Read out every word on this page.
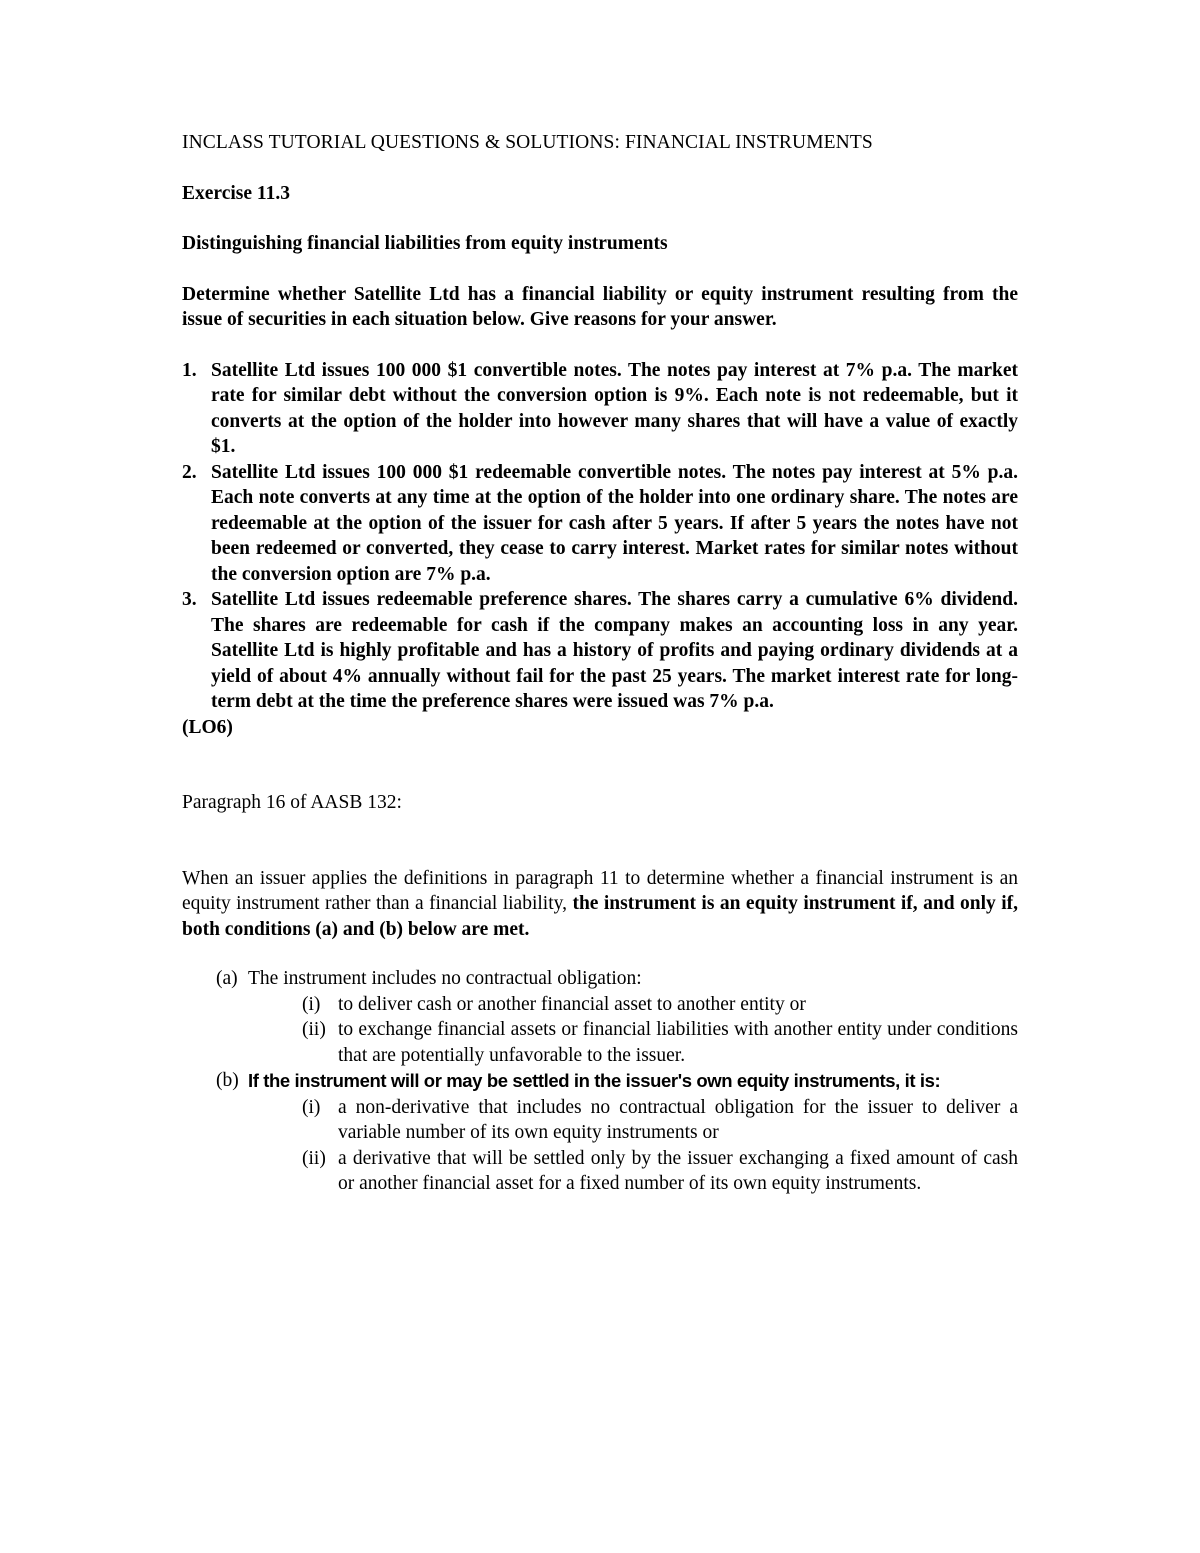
INCLASS TUTORIAL QUESTIONS & SOLUTIONS: FINANCIAL INSTRUMENTS

Exercise 11.3

Distinguishing financial liabilities from equity instruments

Determine whether Satellite Ltd has a financial liability or equity instrument resulting from the issue of securities in each situation below. Give reasons for your answer.

1. Satellite Ltd issues 100 000 $1 convertible notes. The notes pay interest at 7% p.a. The market rate for similar debt without the conversion option is 9%. Each note is not redeemable, but it converts at the option of the holder into however many shares that will have a value of exactly $1.
2. Satellite Ltd issues 100 000 $1 redeemable convertible notes. The notes pay interest at 5% p.a. Each note converts at any time at the option of the holder into one ordinary share. The notes are redeemable at the option of the issuer for cash after 5 years. If after 5 years the notes have not been redeemed or converted, they cease to carry interest. Market rates for similar notes without the conversion option are 7% p.a.
3. Satellite Ltd issues redeemable preference shares. The shares carry a cumulative 6% dividend. The shares are redeemable for cash if the company makes an accounting loss in any year. Satellite Ltd is highly profitable and has a history of profits and paying ordinary dividends at a yield of about 4% annually without fail for the past 25 years. The market interest rate for long-term debt at the time the preference shares were issued was 7% p.a.

(LO6)

Paragraph 16 of AASB 132:

When an issuer applies the definitions in paragraph 11 to determine whether a financial instrument is an equity instrument rather than a financial liability, the instrument is an equity instrument if, and only if, both conditions (a) and (b) below are met.

(a) The instrument includes no contractual obligation:
(i) to deliver cash or another financial asset to another entity or
(ii) to exchange financial assets or financial liabilities with another entity under conditions that are potentially unfavorable to the issuer.
(b) If the instrument will or may be settled in the issuer's own equity instruments, it is:
(i) a non-derivative that includes no contractual obligation for the issuer to deliver a variable number of its own equity instruments or
(ii) a derivative that will be settled only by the issuer exchanging a fixed amount of cash or another financial asset for a fixed number of its own equity instruments.
